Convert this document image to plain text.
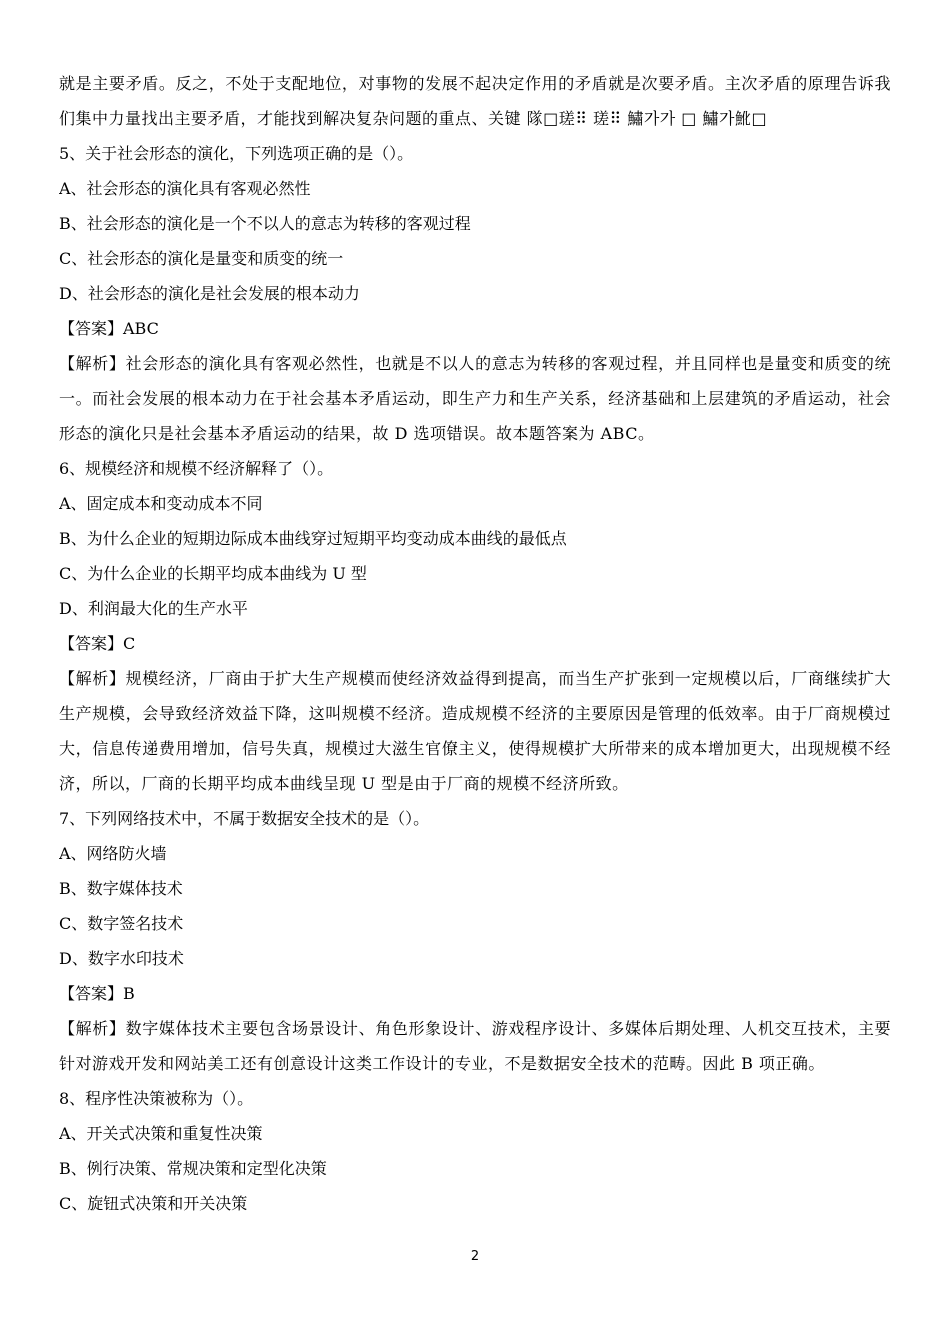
就是主要矛盾。反之，不处于支配地位，对事物的发展不起决定作用的矛盾就是次要矛盾。主次矛盾的原理告诉我们集中力量找出主要矛盾，才能找到解决复杂问题的重点、关键 隊□瑳⠿ 瑳⠿ 鱐가가 □ 鱐가魤□
5、关于社会形态的演化，下列选项正确的是（）。
A、社会形态的演化具有客观必然性
B、社会形态的演化是一个不以人的意志为转移的客观过程
C、社会形态的演化是量变和质变的统一
D、社会形态的演化是社会发展的根本动力
【答案】ABC
【解析】社会形态的演化具有客观必然性，也就是不以人的意志为转移的客观过程，并且同样也是量变和质变的统一。而社会发展的根本动力在于社会基本矛盾运动，即生产力和生产关系，经济基础和上层建筑的矛盾运动，社会形态的演化只是社会基本矛盾运动的结果，故 D 选项错误。故本题答案为 ABC。
6、规模经济和规模不经济解释了（）。
A、固定成本和变动成本不同
B、为什么企业的短期边际成本曲线穿过短期平均变动成本曲线的最低点
C、为什么企业的长期平均成本曲线为 U 型
D、利润最大化的生产水平
【答案】C
【解析】规模经济，厂商由于扩大生产规模而使经济效益得到提高，而当生产扩张到一定规模以后，厂商继续扩大生产规模，会导致经济效益下降，这叫规模不经济。造成规模不经济的主要原因是管理的低效率。由于厂商规模过大，信息传递费用增加，信号失真，规模过大滋生官僚主义，使得规模扩大所带来的成本增加更大，出现规模不经济，所以，厂商的长期平均成本曲线呈现 U 型是由于厂商的规模不经济所致。
7、下列网络技术中，不属于数据安全技术的是（）。
A、网络防火墙
B、数字媒体技术
C、数字签名技术
D、数字水印技术
【答案】B
【解析】数字媒体技术主要包含场景设计、角色形象设计、游戏程序设计、多媒体后期处理、人机交互技术，主要针对游戏开发和网站美工还有创意设计这类工作设计的专业，不是数据安全技术的范畴。因此 B 项正确。
8、程序性决策被称为（）。
A、开关式决策和重复性决策
B、例行决策、常规决策和定型化决策
C、旋钮式决策和开关决策
2
